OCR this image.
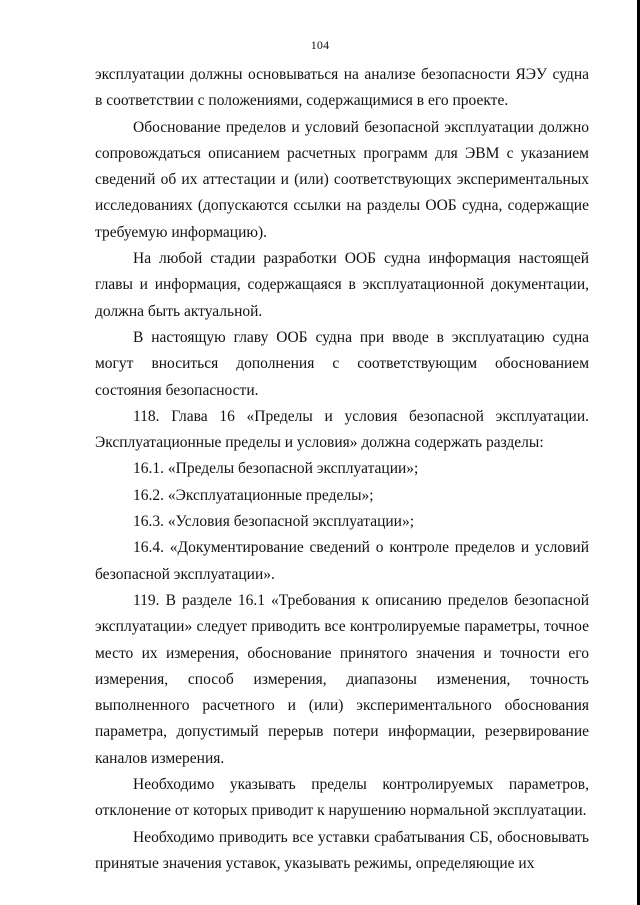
104

эксплуатации должны основываться на анализе безопасности ЯЭУ судна в соответствии с положениями, содержащимися в его проекте.

Обоснование пределов и условий безопасной эксплуатации должно сопровождаться описанием расчетных программ для ЭВМ с указанием сведений об их аттестации и (или) соответствующих экспериментальных исследованиях (допускаются ссылки на разделы ООБ судна, содержащие требуемую информацию).

На любой стадии разработки ООБ судна информация настоящей главы и информация, содержащаяся в эксплуатационной документации, должна быть актуальной.

В настоящую главу ООБ судна при вводе в эксплуатацию судна могут вноситься дополнения с соответствующим обоснованием состояния безопасности.

118. Глава 16 «Пределы и условия безопасной эксплуатации. Эксплуатационные пределы и условия» должна содержать разделы:

16.1. «Пределы безопасной эксплуатации»;

16.2. «Эксплуатационные пределы»;

16.3. «Условия безопасной эксплуатации»;

16.4. «Документирование сведений о контроле пределов и условий безопасной эксплуатации».

119. В разделе 16.1 «Требования к описанию пределов безопасной эксплуатации» следует приводить все контролируемые параметры, точное место их измерения, обоснование принятого значения и точности его измерения, способ измерения, диапазоны изменения, точность выполненного расчетного и (или) экспериментального обоснования параметра, допустимый перерыв потери информации, резервирование каналов измерения.

Необходимо указывать пределы контролируемых параметров, отклонение от которых приводит к нарушению нормальной эксплуатации.

Необходимо приводить все уставки срабатывания СБ, обосновывать принятые значения уставок, указывать режимы, определяющие их
